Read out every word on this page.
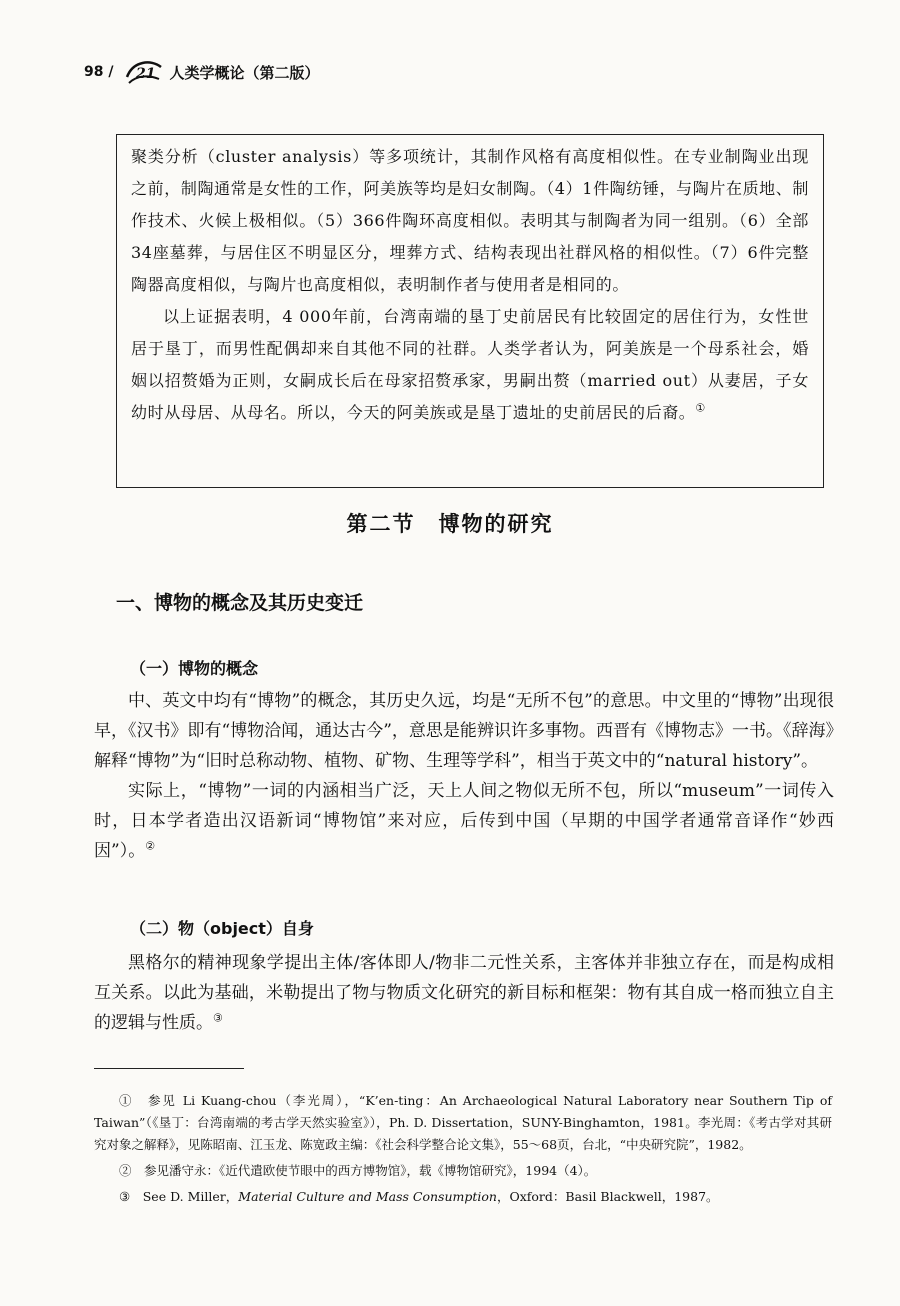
98 / 21 人类学概论（第二版）

聚类分析（cluster analysis）等多项统计，其制作风格有高度相似性。在专业制陶业出现之前，制陶通常是女性的工作，阿美族等均是妇女制陶。（4）1件陶纺锤，与陶片在质地、制作技术、火候上极相似。（5）366件陶环高度相似。表明其与制陶者为同一组别。（6）全部34座墓葬，与居住区不明显区分，埋葬方式、结构表现出社群风格的相似性。（7）6件完整陶器高度相似，与陶片也高度相似，表明制作者与使用者是相同的。

以上证据表明，4 000年前，台湾南端的垦丁史前居民有比较固定的居住行为，女性世居于垦丁，而男性配偶却来自其他不同的社群。人类学者认为，阿美族是一个母系社会，婚姻以招赘婚为正则，女嗣成长后在母家招赘承家，男嗣出赘（married out）从妻居，子女幼时从母居、从母名。所以，今天的阿美族或是垦丁遗址的史前居民的后裔。①

第二节　博物的研究
一、博物的概念及其历史变迁
（一）博物的概念

中、英文中均有“博物”的概念，其历史久远，均是“无所不包”的意思。中文里的“博物”出现很早，《汉书》即有“博物洽闻，通达古今”，意思是能辨识许多事物。西晋有《博物志》一书。《辞海》解释“博物”为“旧时总称动物、植物、矿物、生理等学科”，相当于英文中的“natural history”。

实际上，“博物”一词的内涵相当广泛，天上人间之物似无所不包，所以“museum”一词传入时，日本学者造出汉语新词“博物馆”来对应，后传到中国（早期的中国学者通常音译作“妙西因”）。②

（二）物（object）自身

黑格尔的精神现象学提出主体/客体即人/物非二元性关系，主客体并非独立存在，而是构成相互关系。以此为基础，米勒提出了物与物质文化研究的新目标和框架：物有其自成一格而独立自主的逻辑与性质。③

①　 参见 Li Kuang-chou（李光周），“K’en-ting：An Archaeological Natural Laboratory near Southern Tip of Taiwan”（《垦丁：台湾南端的考古学天然实验室》），Ph. D. Dissertation，SUNY-Binghamton，1981。李光周：《考古学对其研究对象之解释》，见陈昭南、江玉龙、陈宽政主编：《社会科学整合论文集》，55～68页，台北，“中央研究院”，1982。

②　 参见潘守永：《近代遣欧使节眼中的西方博物馆》，载《博物馆研究》，1994（4）。

③　 See D. Miller，Material Culture and Mass Consumption，Oxford：Basil Blackwell，1987。
